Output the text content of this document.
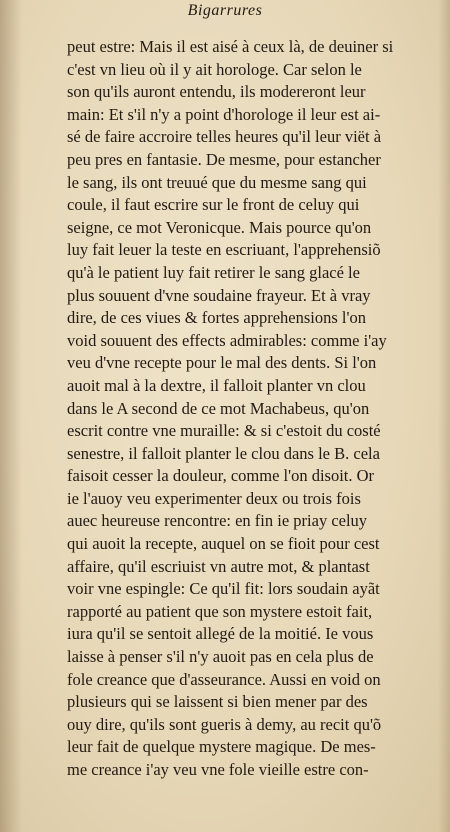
Bigarrures
peut estre: Mais il est aisé à ceux là, de deuiner si
c'est vn lieu où il y ait horologe. Car selon le
son qu'ils auront entendu, ils modereront leur
main: Et s'il n'y a point d'horologe il leur est ai-
sé de faire accroire telles heures qu'il leur viët à
peu pres en fantasie. De mesme, pour estancher
le sang, ils ont treuué que du mesme sang qui
coule, il faut escrire sur le front de celuy qui
seigne, ce mot Veronicque. Mais pource qu'on
luy fait leuer la teste en escriuant, l'apprehensiõ
qu'à le patient luy fait retirer le sang glacé le
plus souuent d'vne soudaine frayeur. Et à vray
dire, de ces viues & fortes apprehensions l'on
void souuent des effects admirables: comme i'ay
veu d'vne recepte pour le mal des dents. Si l'on
auoit mal à la dextre, il falloit planter vn clou
dans le A second de ce mot Machabeus, qu'on
escrit contre vne muraille: & si c'estoit du costé
senestre, il falloit planter le clou dans le B. cela
faisoit cesser la douleur, comme l'on disoit. Or
ie l'auoy veu experimenter deux ou trois fois
auec heureuse rencontre: en fin ie priay celuy
qui auoit la recepte, auquel on se fioit pour cest
affaire, qu'il escriuist vn autre mot, & plantast
voir vne espingle: Ce qu'il fit: lors soudain ayãt
rapporté au patient que son mystere estoit fait,
iura qu'il se sentoit allegé de la moitié. Ie vous
laisse à penser s'il n'y auoit pas en cela plus de
fole creance que d'asseurance. Aussi en void on
plusieurs qui se laissent si bien mener par des
ouy dire, qu'ils sont gueris à demy, au recit qu'õ
leur fait de quelque mystere magique. De mes-
me creance i'ay veu vne fole vieille estre con-
